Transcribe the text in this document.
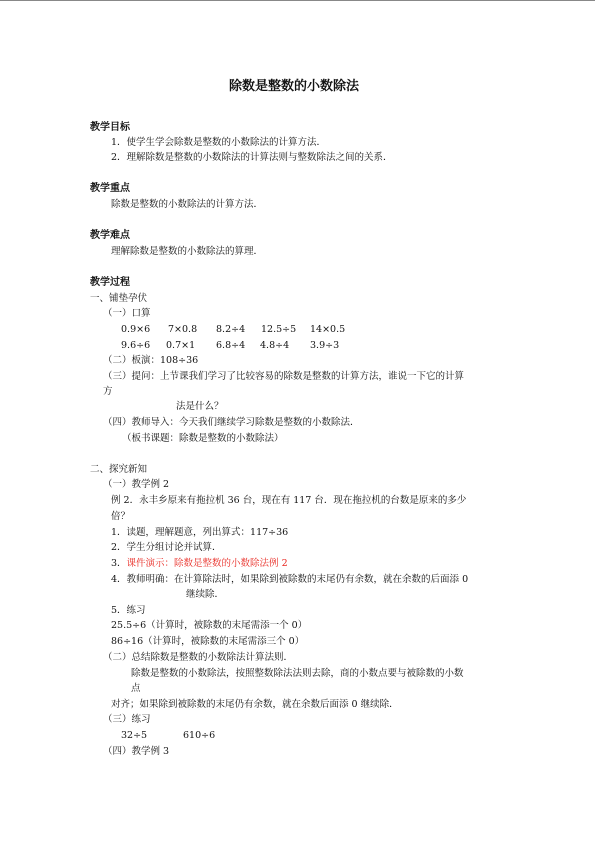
除数是整数的小数除法
教学目标
1．使学生学会除数是整数的小数除法的计算方法．
2．理解除数是整数的小数除法的计算法则与整数除法之间的关系．
教学重点
除数是整数的小数除法的计算方法．
教学难点
理解除数是整数的小数除法的算理．
教学过程
一、铺垫孕伏
（一）口算
0.9×6 7×0.8 8.2÷4 12.5÷5 14×0.5
9.6÷6 0.7×1 6.8÷4 4.8÷4 3.9÷3
（二）板演：108÷36
（三）提问：上节课我们学习了比较容易的除数是整数的计算方法，谁说一下它的计算
方
法是什么？
（四）教师导入：今天我们继续学习除数是整数的小数除法．
（板书课题：除数是整数的小数除法）
二、探究新知
（一）教学例 2
例 2．永丰乡原来有拖拉机 36 台，现在有 117 台．现在拖拉机的台数是原来的多少
倍？
1．读题，理解题意，列出算式：117÷36
2．学生分组讨论并试算．
3．课件演示：除数是整数的小数除法例 2
4．教师明确：在计算除法时，如果除到被除数的末尾仍有余数，就在余数的后面添 0
继续除．
5．练习
25.5÷6（计算时，被除数的末尾需添一个 0）
86÷16（计算时，被除数的末尾需添三个 0）
（二）总结除数是整数的小数除法计算法则．
除数是整数的小数除法，按照整数除法法则去除，商的小数点要与被除数的小数
点
对齐；如果除到被除数的末尾仍有余数，就在余数后面添 0 继续除．
（三）练习
32÷5	610÷6
（四）教学例 3
